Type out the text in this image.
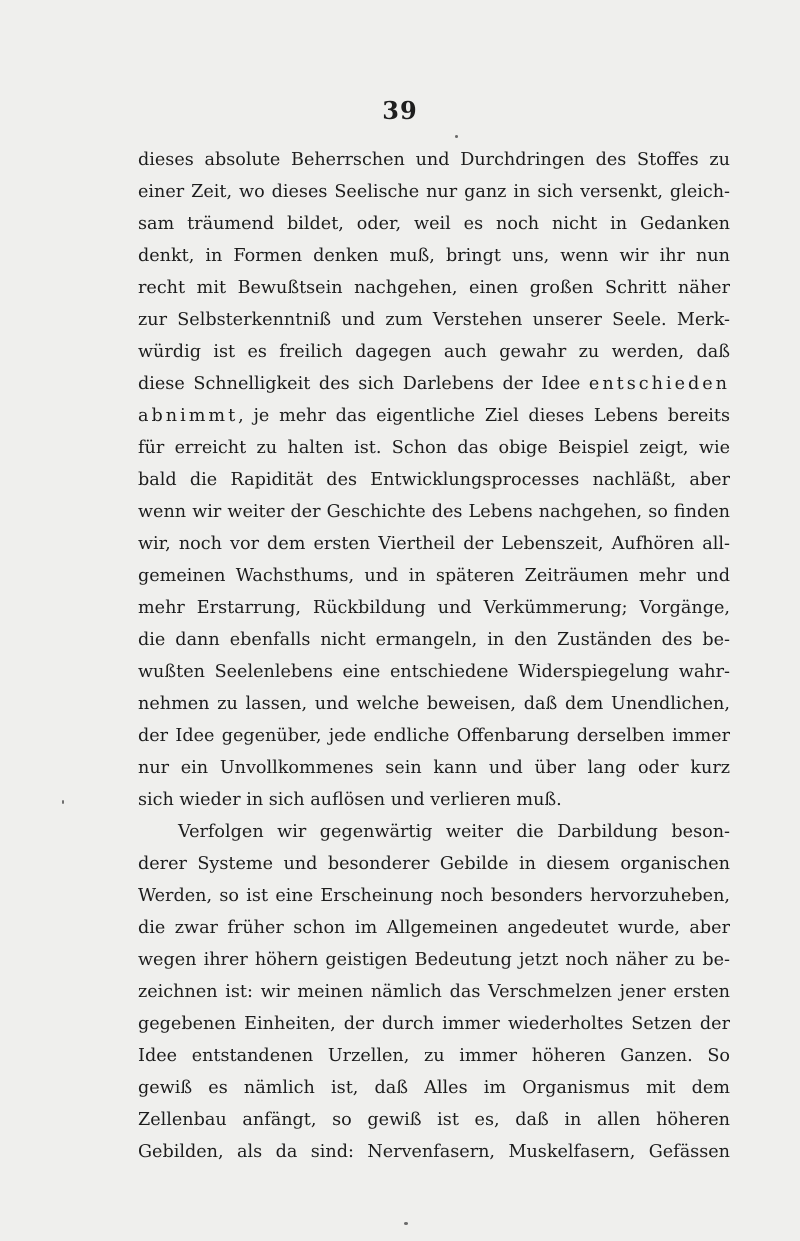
39
dieses absolute Beherrschen und Durchdringen des Stoffes zu
einer Zeit, wo dieses Seelische nur ganz in sich versenkt, gleich-
sam träumend bildet, oder, weil es noch nicht in Gedanken
denkt, in Formen denken muß, bringt uns, wenn wir ihr nun
recht mit Bewußtsein nachgehen, einen großen Schritt näher
zur Selbsterkenntniß und zum Verstehen unserer Seele. Merk-
würdig ist es freilich dagegen auch gewahr zu werden, daß
diese Schnelligkeit des sich Darlebens der Idee entschieden
abnimmt, je mehr das eigentliche Ziel dieses Lebens bereits
für erreicht zu halten ist. Schon das obige Beispiel zeigt, wie
bald die Rapidität des Entwicklungsprocesses nachläßt, aber
wenn wir weiter der Geschichte des Lebens nachgehen, so finden
wir, noch vor dem ersten Viertheil der Lebenszeit, Aufhören all-
gemeinen Wachsthums, und in späteren Zeiträumen mehr und
mehr Erstarrung, Rückbildung und Verkümmerung; Vorgänge,
die dann ebenfalls nicht ermangeln, in den Zuständen des be-
wußten Seelenlebens eine entschiedene Widerspiegelung wahr-
nehmen zu lassen, und welche beweisen, daß dem Unendlichen,
der Idee gegenüber, jede endliche Offenbarung derselben immer
nur ein Unvollkommenes sein kann und über lang oder kurz
sich wieder in sich auflösen und verlieren muß.
Verfolgen wir gegenwärtig weiter die Darbildung beson-
derer Systeme und besonderer Gebilde in diesem organischen
Werden, so ist eine Erscheinung noch besonders hervorzuheben,
die zwar früher schon im Allgemeinen angedeutet wurde, aber
wegen ihrer höhern geistigen Bedeutung jetzt noch näher zu be-
zeichnen ist: wir meinen nämlich das Verschmelzen jener ersten
gegebenen Einheiten, der durch immer wiederholtes Setzen der
Idee entstandenen Urzellen, zu immer höheren Ganzen. So
gewiß es nämlich ist, daß Alles im Organismus mit dem
Zellenbau anfängt, so gewiß ist es, daß in allen höheren
Gebilden, als da sind: Nervenfasern, Muskelfasern, Gefässen
